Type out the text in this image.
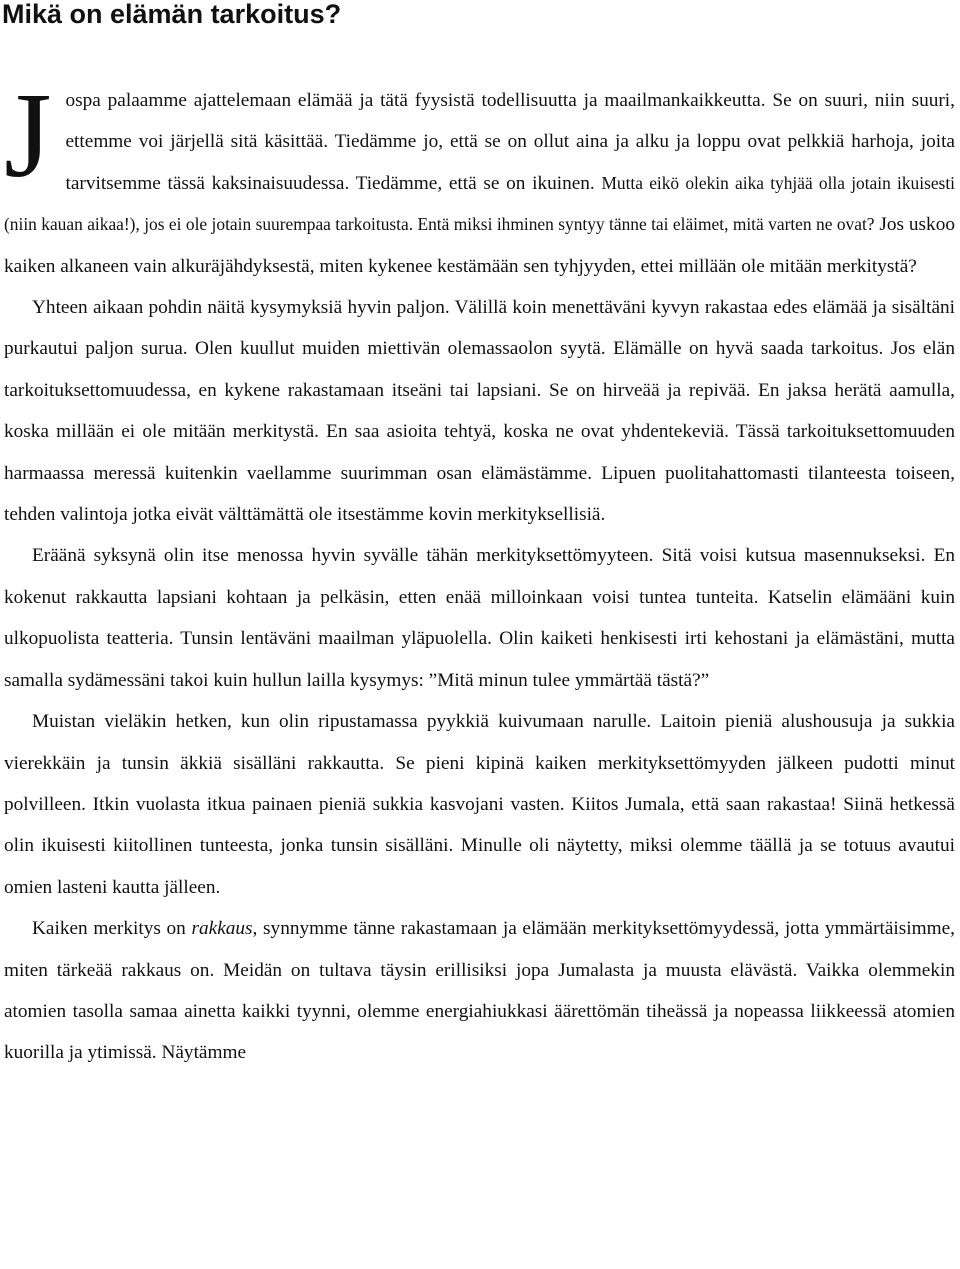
Mikä on elämän tarkoitus?

Jospa palaamme ajattelemaan elämää ja tätä fyysistä todellisuutta ja maailmankaikkeutta. Se on suuri, niin suuri, ettemme voi järjellä sitä käsittää. Tiedämme jo, että se on ollut aina ja alku ja loppu ovat pelkkiä harhoja, joita tarvitsemme tässä kaksinaisuudessa. Tiedämme, että se on ikuinen. Mutta eikö olekin aika tyhjää olla jotain ikuisesti (niin kauan aikaa!), jos ei ole jotain suurempaa tarkoitusta. Entä miksi ihminen syntyy tänne tai eläimet, mitä varten ne ovat? Jos uskoo kaiken alkaneen vain alkuräjähdyksestä, miten kykenee kestämään sen tyhjyyden, ettei millään ole mitään merkitystä?

Yhteen aikaan pohdin näitä kysymyksiä hyvin paljon. Välillä koin menettäväni kyvyn rakastaa edes elämää ja sisältäni purkautui paljon surua. Olen kuullut muiden miettivän olemassaolon syytä. Elämälle on hyvä saada tarkoitus. Jos elän tarkoituksettomuudessa, en kykene rakastamaan itseäni tai lapsiani. Se on hirveää ja repivää. En jaksa herätä aamulla, koska millään ei ole mitään merkitystä. En saa asioita tehtyä, koska ne ovat yhdentekeviä. Tässä tarkoituksettomuuden harmaassa meressä kuitenkin vaellamme suurimman osan elämästämme. Lipuen puolitahattomasti tilanteesta toiseen, tehden valintoja jotka eivät välttämättä ole itsestämme kovin merkityksellisiä.

Eräänä syksynä olin itse menossa hyvin syvälle tähän merkityksettömyyteen. Sitä voisi kutsua masennukseksi. En kokenut rakkautta lapsiani kohtaan ja pelkäsin, etten enää milloinkaan voisi tuntea tunteita. Katselin elämääni kuin ulkopuolista teatteria. Tunsin lentäväni maailman yläpuolella. Olin kaiketi henkisesti irti kehostani ja elämästäni, mutta samalla sydämessäni takoi kuin hullun lailla kysymys: ”Mitä minun tulee ymmärtää tästä?”

Muistan vieläkin hetken, kun olin ripustamassa pyykkiä kuivumaan narulle. Laitoin pieniä alushousuja ja sukkia vierekkäin ja tunsin äkkiä sisälläni rakkautta. Se pieni kipinä kaiken merkityksettömyyden jälkeen pudotti minut polvilleen. Itkin vuolasta itkua painaen pieniä sukkia kasvojani vasten. Kiitos Jumala, että saan rakastaa! Siinä hetkessä olin ikuisesti kiitollinen tunteesta, jonka tunsin sisälläni. Minulle oli näytetty, miksi olemme täällä ja se totuus avautui omien lasteni kautta jälleen.

Kaiken merkitys on rakkaus, synnymme tänne rakastamaan ja elämään merkityksettömyydessä, jotta ymmärtäisimme, miten tärkeää rakkaus on. Meidän on tultava täysin erillisiksi jopa Jumalasta ja muusta elävästä. Vaikka olemmekin atomien tasolla samaa ainetta kaikki tyynni, olemme energiahiukkasi äärettömän tiheässä ja nopeassa liikkeessä atomien kuorilla ja ytimissä. Näytämme
